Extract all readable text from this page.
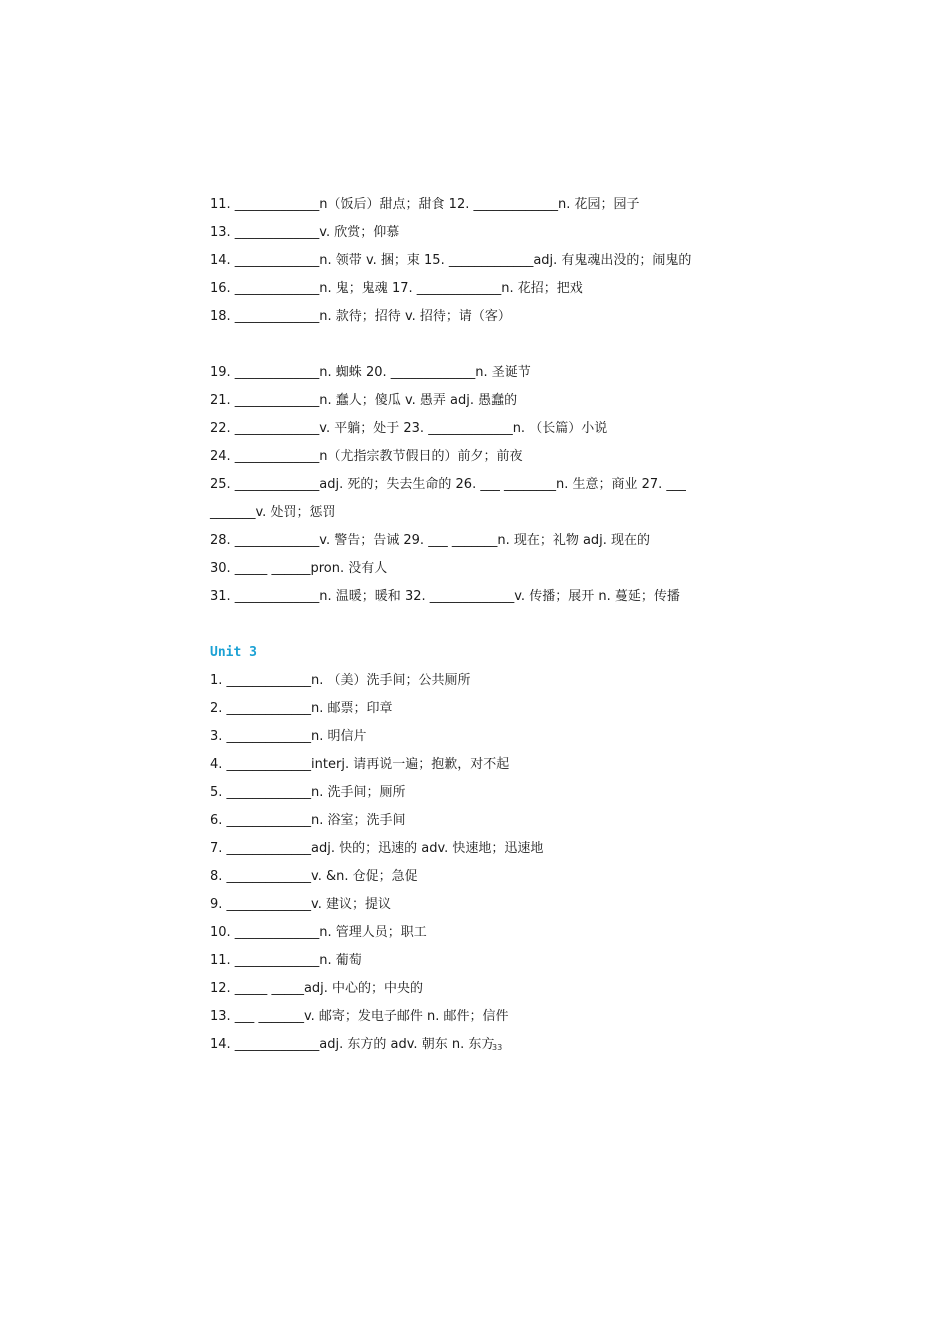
11. _____________n（饭后）甜点；甜食 12. _____________n. 花园；园子
13. _____________v. 欣赏；仰慕
14. _____________n. 领带 v. 捆；束 15. _____________adj. 有鬼魂出没的；闹鬼的
16. _____________n. 鬼；鬼魂 17. _____________n. 花招；把戏
18. _____________n. 款待；招待 v. 招待；请（客）
19. _____________n. 蜘蛛 20. _____________n. 圣诞节
21. _____________n. 蠢人；傻瓜 v. 愚弄 adj. 愚蠢的
22. _____________v. 平躺；处于 23. _____________n. （长篇）小说
24. _____________n（尤指宗教节假日的）前夕；前夜
25. _____________adj. 死的；失去生命的 26. ___ ________n. 生意；商业 27. ___
_______v. 处罚；惩罚
28. _____________v. 警告；告诫 29. ___ _______n. 现在；礼物 adj. 现在的
30. _____ ______pron. 没有人
31. _____________n. 温暖；暖和 32. _____________v. 传播；展开 n. 蔓延；传播
Unit 3
1. _____________n. （美）洗手间；公共厕所
2. _____________n. 邮票；印章
3. _____________n. 明信片
4. _____________interj. 请再说一遍；抱歉，对不起
5. _____________n. 洗手间；厕所
6. _____________n. 浴室；洗手间
7. _____________adj. 快的；迅速的 adv. 快速地；迅速地
8. _____________v. &n. 仓促；急促
9. _____________v. 建议；提议
10. _____________n. 管理人员；职工
11. _____________n. 葡萄
12. _____ _____adj. 中心的；中央的
13. ___ _______v. 邮寄；发电子邮件 n. 邮件；信件
14. _____________adj. 东方的 adv. 朝东 n. 东方
33
